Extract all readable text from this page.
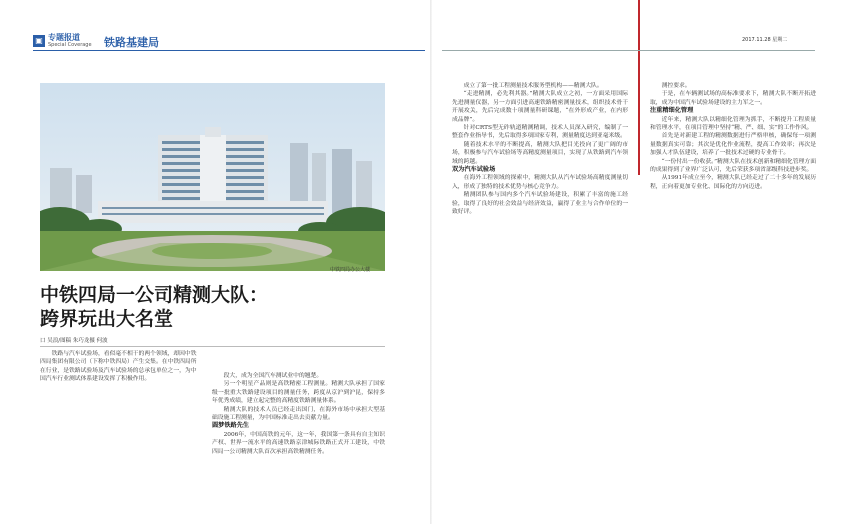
▣ 专题报道
Special Coverage 铁路基建局	2017.11.28 星期二
中铁四局办公大楼
中铁四局一公司精测大队：
跨界玩出大名堂
口 吴浪/图稿 朱巧龙摄 何波
铁路与汽车试验场，看似毫不相干的两个领域，却因中铁四局集团有限公司（下称中铁四局）产生交集。在中铁四局所在行业，是铁路试验场及汽车试验场的总承包单位之一，为中国汽车行业测试体系建设发挥了积极作用。

段大，成为全国汽车测试业中的翘楚。

另一个明星产品则是高铁精密工程测量。精测大队承担了国家级一批重大铁路建设项目的测量任务，跨度从京沪到沪昆，保持多年优秀成绩，建立起完整的高精度铁路测量体系。

精测大队的技术人员已经走出国门，在海外市场中承担大型基础设施工程测量，为中国标准走出去贡献力量。

圆梦铁路先生

2006年，中国高铁的元年，这一年，我国第一条具有自主知识产权、世界一流水平的高速铁路京津城际铁路正式开工建设，中铁四局一公司精测大队首次承担高铁精测任务。

成立了第一批工程测量技术服务型机构——精测大队。

“走进精测，必先利其器。”精测大队成立之初，一方面采用国际先进测量仪器，另一方面引进高速铁路精密测量技术，组织技术骨干开展攻关，先后完成数十项测量科研课题，“在外形成产业，在内形成品牌”。

针对CRTS型无砟轨道精测精调，技术人员深入研究，编制了一整套作业指导书，先后取得多项国家专利，测量精度达到亚毫米级。

随着技术水平的不断提高，精测大队把目光投向了更广阔的市场，积极参与汽车试验场等高精度测量项目，实现了从铁路到汽车领域的跨越。

双为汽车试验场

在海外工程领域的探索中，精测大队从汽车试验场高精度测量切入，形成了独特的技术优势与核心竞争力。

精测团队参与国内多个汽车试验场建设，积累了丰富的施工经验，取得了良好的社会效益与经济效益，赢得了业主与合作单位的一致好评。

测控要求。

于是，在车辆测试场的高标准要求下，精测大队不断开拓进取，成为中国汽车试验场建设的主力军之一。

注重精细化管理

近年来，精测大队以精细化管理为抓手，不断提升工程质量和管理水平，在项目管理中坚持“精、严、细、实”的工作作风。

首先是对新建工程的精测数据进行严格审核，确保每一项测量数据真实可靠；其次是优化作业流程，提高工作效率；再次是加强人才队伍建设，培养了一批技术过硬的专业骨干。

“一份付出一份收获。”精测大队在技术创新和精细化管理方面的成果得到了业界广泛认可，先后荣获多项省部级科技进步奖。

从1991年成立至今，精测大队已经走过了二十多年的发展历程，正向着更加专业化、国际化的方向迈进。
